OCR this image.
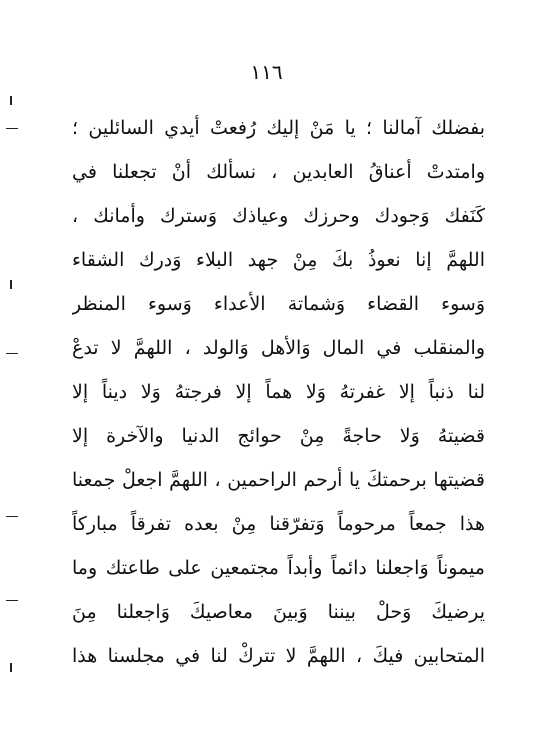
١١٦
بفضلك آمالنا ؛ يا مَنْ إليك رُفعتْ أيدي السائلين ؛
وامتدتْ أعناقُ العابدين ، نسألك أنْ تجعلنا في
كَنَفك وَجودك وحرزك وعياذك وَسترك وأمانك ،
اللهمَّ إنا نعوذُ بكَ مِنْ جهد البلاء وَدرك الشقاء
وَسوء القضاء وَشماتة الأعداء وَسوء المنظر
والمنقلب في المال وَالأهل وَالولد ، اللهمَّ لا تدعْ
لنا ذنباً إلا غفرتهُ وَلا هماً إلا فرجتهُ وَلا ديناً إلا
قضيتهُ وَلا حاجةً مِنْ حوائج الدنيا والآخرة إلا
قضيتها برحمتكَ يا أرحم الراحمين ، اللهمَّ اجعلْ جمعنا
هذا جمعاً مرحوماً وَتفرّقنا مِنْ بعده تفرقاً مباركاً
ميموناً وَاجعلنا دائماً وأبداً مجتمعين على طاعتك وما
يرضيكَ وَحلْ بيننا وَبينَ معاصيكَ وَاجعلنا مِنَ
المتحابين فيكَ ، اللهمَّ لا تتركْ لنا في مجلسنا هذا
